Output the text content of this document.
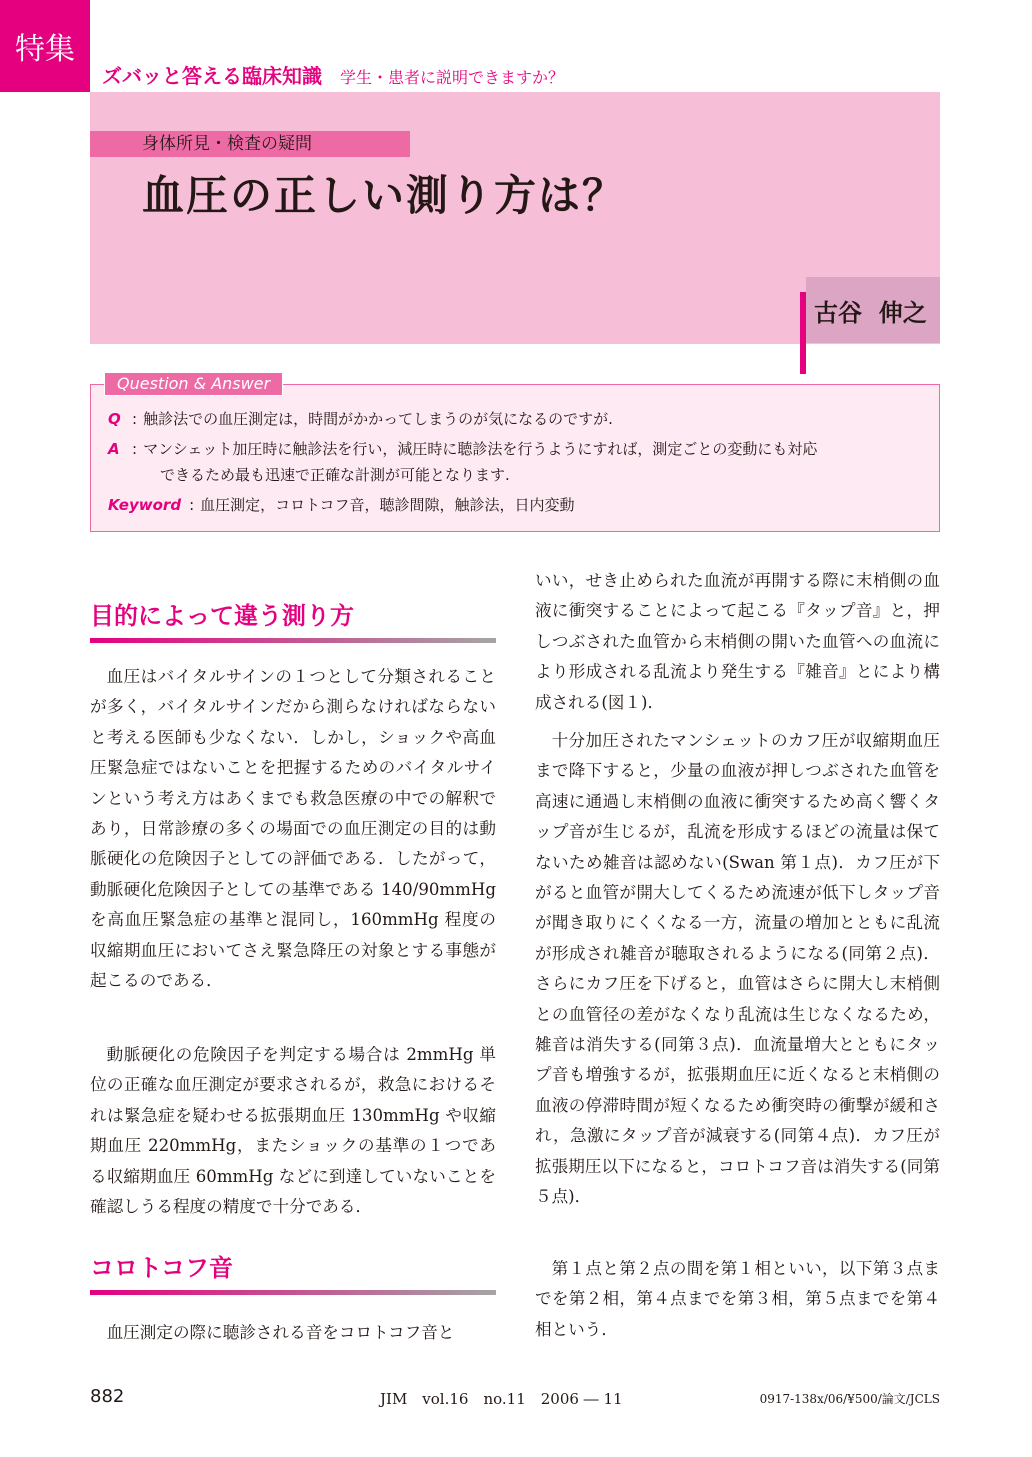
特集
ズバッと答える臨床知識 学生・患者に説明できますか？
身体所見・検査の疑問
血圧の正しい測り方は？
古谷  伸之
Question & Answer
Q : 触診法での血圧測定は，時間がかかってしまうのが気になるのですが.
A : マンシェット加圧時に触診法を行い，減圧時に聴診法を行うようにすれば，測定ごとの変動にも対応
できるため最も迅速で正確な計測が可能となります.
Keyword : 血圧測定，コロトコフ音，聴診間隙，触診法，日内変動
目的によって違う測り方

血圧はバイタルサインの１つとして分類されることが多く，バイタルサインだから測らなければならないと考える医師も少なくない．しかし，ショックや高血圧緊急症ではないことを把握するためのバイタルサインという考え方はあくまでも救急医療の中での解釈であり，日常診療の多くの場面での血圧測定の目的は動脈硬化の危険因子としての評価である．したがって，動脈硬化危険因子としての基準である 140/90mmHg を高血圧緊急症の基準と混同し，160mmHg 程度の収縮期血圧においてさえ緊急降圧の対象とする事態が起こるのである．

動脈硬化の危険因子を判定する場合は 2mmHg 単位の正確な血圧測定が要求されるが，救急におけるそれは緊急症を疑わせる拡張期血圧 130mmHg や収縮期血圧 220mmHg，またショックの基準の１つである収縮期血圧 60mmHg などに到達していないことを確認しうる程度の精度で十分である．

コロトコフ音

血圧測定の際に聴診される音をコロトコフ音と

いい，せき止められた血流が再開する際に末梢側の血液に衝突することによって起こる『タップ音』と，押しつぶされた血管から末梢側の開いた血管への血流により形成される乱流より発生する『雑音』とにより構成される(図１)．

十分加圧されたマンシェットのカフ圧が収縮期血圧まで降下すると，少量の血液が押しつぶされた血管を高速に通過し末梢側の血液に衝突するため高く響くタップ音が生じるが，乱流を形成するほどの流量は保てないため雑音は認めない(Swan 第１点)．カフ圧が下がると血管が開大してくるため流速が低下しタップ音が聞き取りにくくなる一方，流量の増加とともに乱流が形成され雑音が聴取されるようになる(同第２点)．さらにカフ圧を下げると，血管はさらに開大し末梢側との血管径の差がなくなり乱流は生じなくなるため，雑音は消失する(同第３点)．血流量増大とともにタップ音も増強するが，拡張期血圧に近くなると末梢側の血液の停滞時間が短くなるため衝突時の衝撃が緩和され，急激にタップ音が減衰する(同第４点)．カフ圧が拡張期圧以下になると，コロトコフ音は消失する(同第５点)．

第１点と第２点の間を第１相といい，以下第３点までを第２相，第４点までを第３相，第５点までを第４相という．

882	JIM　vol.16　no.11　2006 ― 11	0917-138x/06/¥500/論文/JCLS
